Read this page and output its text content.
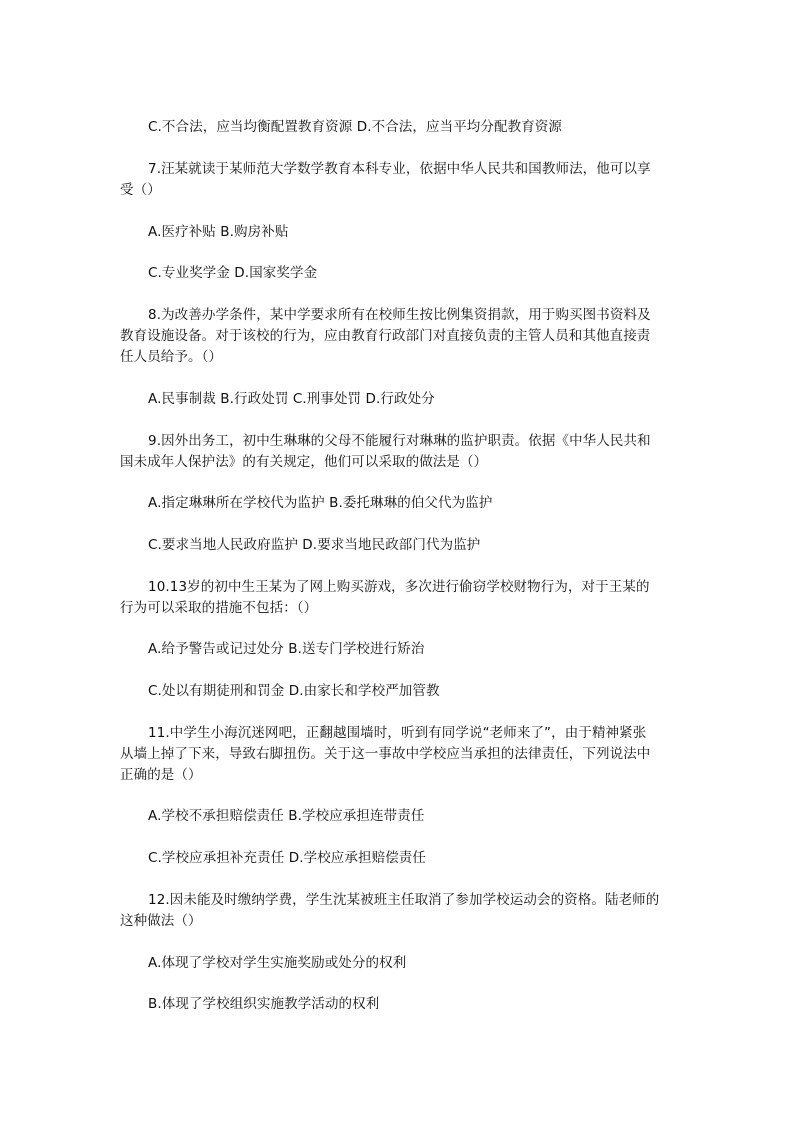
C.不合法，应当均衡配置教育资源 D.不合法，应当平均分配教育资源
7.汪某就读于某师范大学数学教育本科专业，依据中华人民共和国教师法，他可以享
受（）
A.医疗补贴 B.购房补贴
C.专业奖学金 D.国家奖学金
8.为改善办学条件，某中学要求所有在校师生按比例集资捐款，用于购买图书资料及
教育设施设备。对于该校的行为，应由教育行政部门对直接负责的主管人员和其他直接责
任人员给予。（）
A.民事制裁 B.行政处罚 C.刑事处罚 D.行政处分
9.因外出务工，初中生琳琳的父母不能履行对琳琳的监护职责。依据《中华人民共和
国未成年人保护法》的有关规定，他们可以采取的做法是（）
A.指定琳琳所在学校代为监护 B.委托琳琳的伯父代为监护
C.要求当地人民政府监护 D.要求当地民政部门代为监护
10.13岁的初中生王某为了网上购买游戏，多次进行偷窃学校财物行为，对于王某的
行为可以采取的措施不包括：（）
A.给予警告或记过处分 B.送专门学校进行矫治
C.处以有期徒刑和罚金 D.由家长和学校严加管教
11.中学生小海沉迷网吧，正翻越围墙时，听到有同学说“老师来了”，由于精神紧张
从墙上掉了下来，导致右脚扭伤。关于这一事故中学校应当承担的法律责任，下列说法中
正确的是（）
A.学校不承担赔偿责任 B.学校应承担连带责任
C.学校应承担补充责任 D.学校应承担赔偿责任
12.因未能及时缴纳学费，学生沈某被班主任取消了参加学校运动会的资格。陆老师的
这种做法（）
A.体现了学校对学生实施奖励或处分的权利
B.体现了学校组织实施教学活动的权利
